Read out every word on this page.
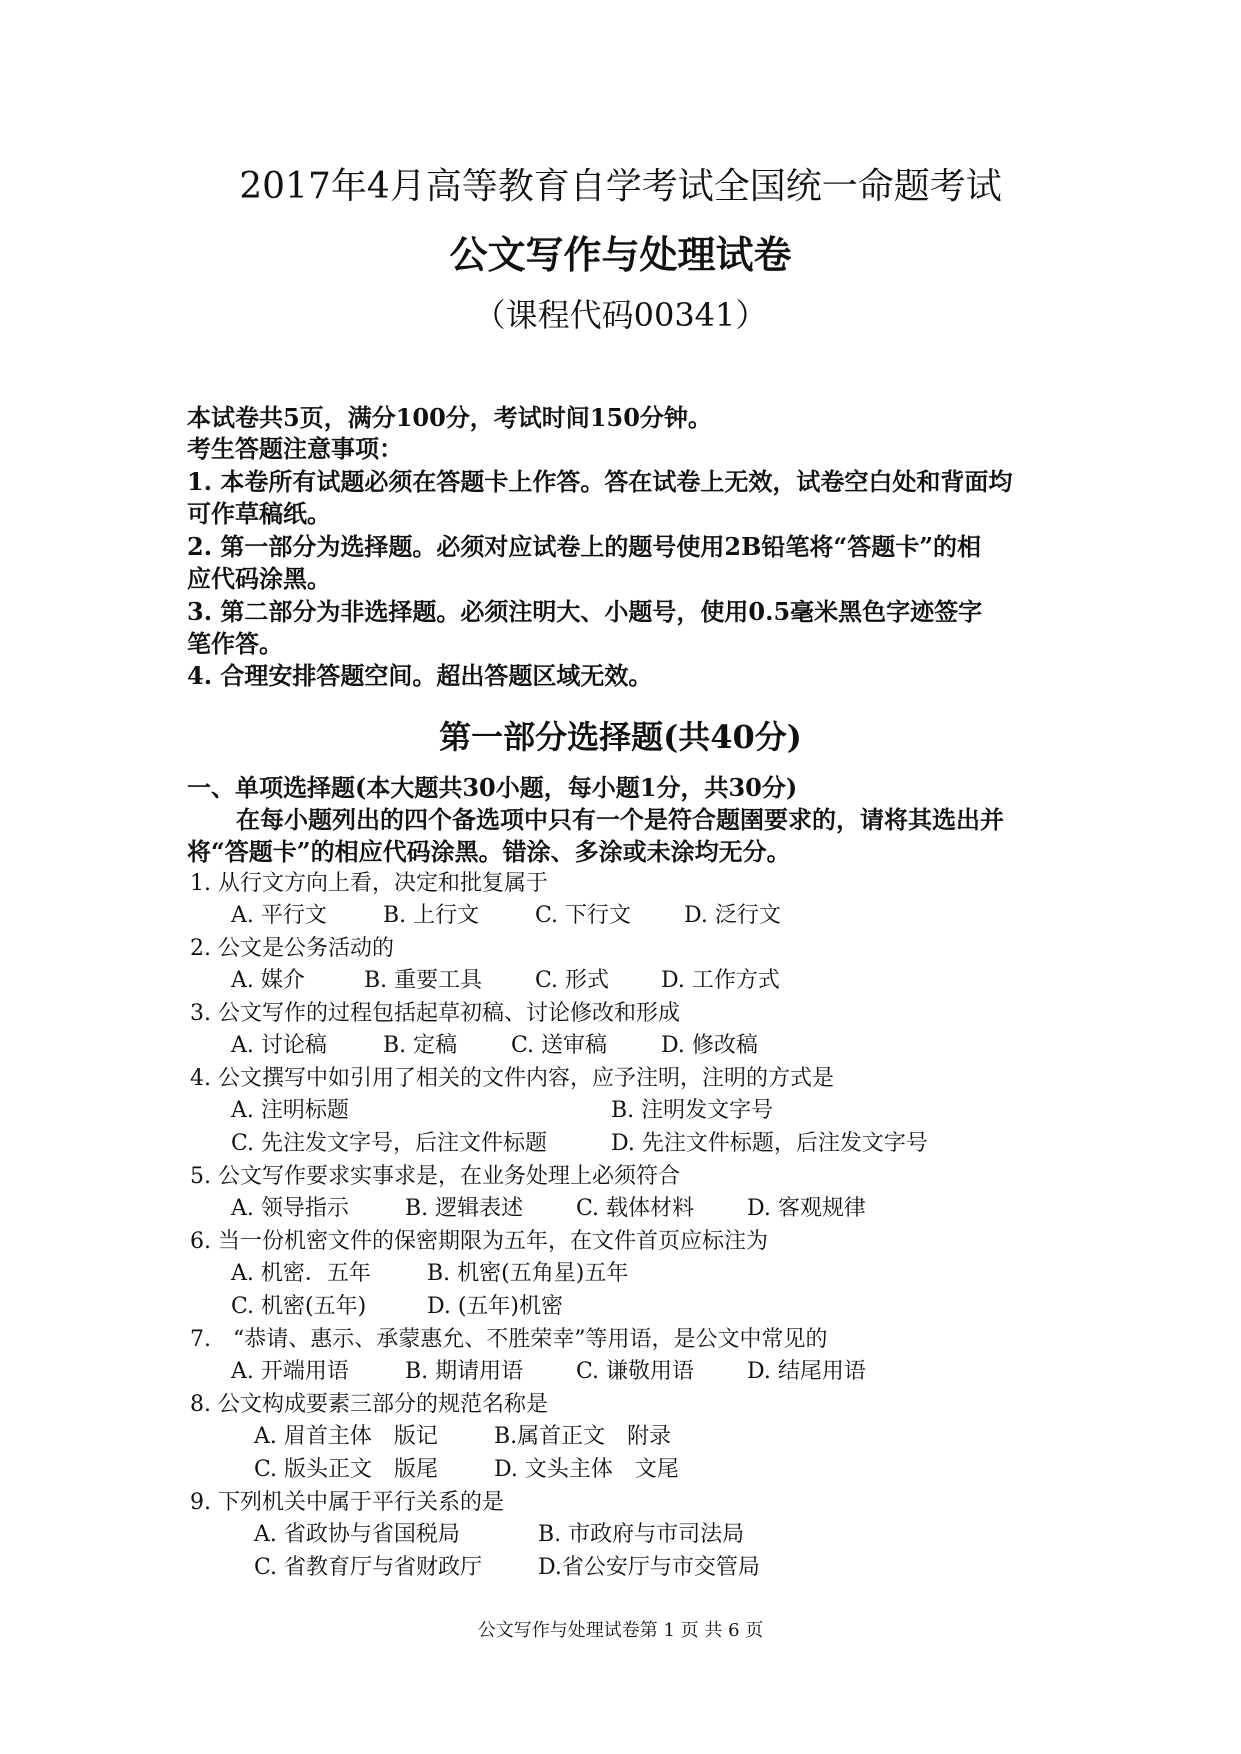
2017年4月高等教育自学考试全国统一命题考试
公文写作与处理试卷
（课程代码00341）
本试卷共5页，满分100分，考试时间150分钟。
考生答题注意事项：
1. 本卷所有试题必须在答题卡上作答。答在试卷上无效，试卷空白处和背面均
可作草稿纸。
2. 第一部分为选择题。必须对应试卷上的题号使用2B铅笔将“答题卡”的相
应代码涂黑。
3. 第二部分为非选择题。必须注明大、小题号，使用0.5毫米黑色字迹签字
笔作答。
4. 合理安排答题空间。超出答题区域无效。
第一部分选择题(共40分)
一、单项选择题(本大题共30小题，每小题1分，共30分)
在每小题列出的四个备选项中只有一个是符合题圉要求的，请将其选出并
将“答题卡”的相应代码涂黑。错涂、多涂或未涂均无分。
1. 从行文方向上看，决定和批复属于
A. 平行文	B. 上行文	C. 下行文 D. 泛行文
2. 公文是公务活动的
A. 媒介	B. 重要工具 C. 形式 D. 工作方式
3. 公文写作的过程包括起草初稿、讨论修改和形成
A. 讨论稿	B. 定稿 C. 送审稿 D. 修改稿
4. 公文撰写中如引用了相关的文件内容，应予注明，注明的方式是
A. 注明标题	B. 注明发文字号
C. 先注发文字号，后注文件标题	D. 先注文件标题，后注发文字号
5. 公文写作要求实事求是，在业务处理上必须符合
A. 领导指示	B. 逻辑表述 C. 载体材料 D. 客观规律
6. 当一份机密文件的保密期限为五年，在文件首页应标注为
A. 机密．五年	B. 机密(五角星)五年
C. 机密(五年)	D. (五年)机密
7.　“恭请、惠示、承蒙惠允、不胜荣幸”等用语，是公文中常见的
A. 开端用语	B. 期请用语 C. 谦敬用语 D. 结尾用语
8. 公文构成要素三部分的规范名称是
A. 眉首主体　版记	B.属首正文　附录
C. 版头正文　版尾	D. 文头主体　文尾
9. 下列机关中属于平行关系的是
A. 省政协与省国税局	B. 市政府与市司法局
C. 省教育厅与省财政厅	D.省公安厅与市交管局
公文写作与处理试卷第 1 页 共 6 页
